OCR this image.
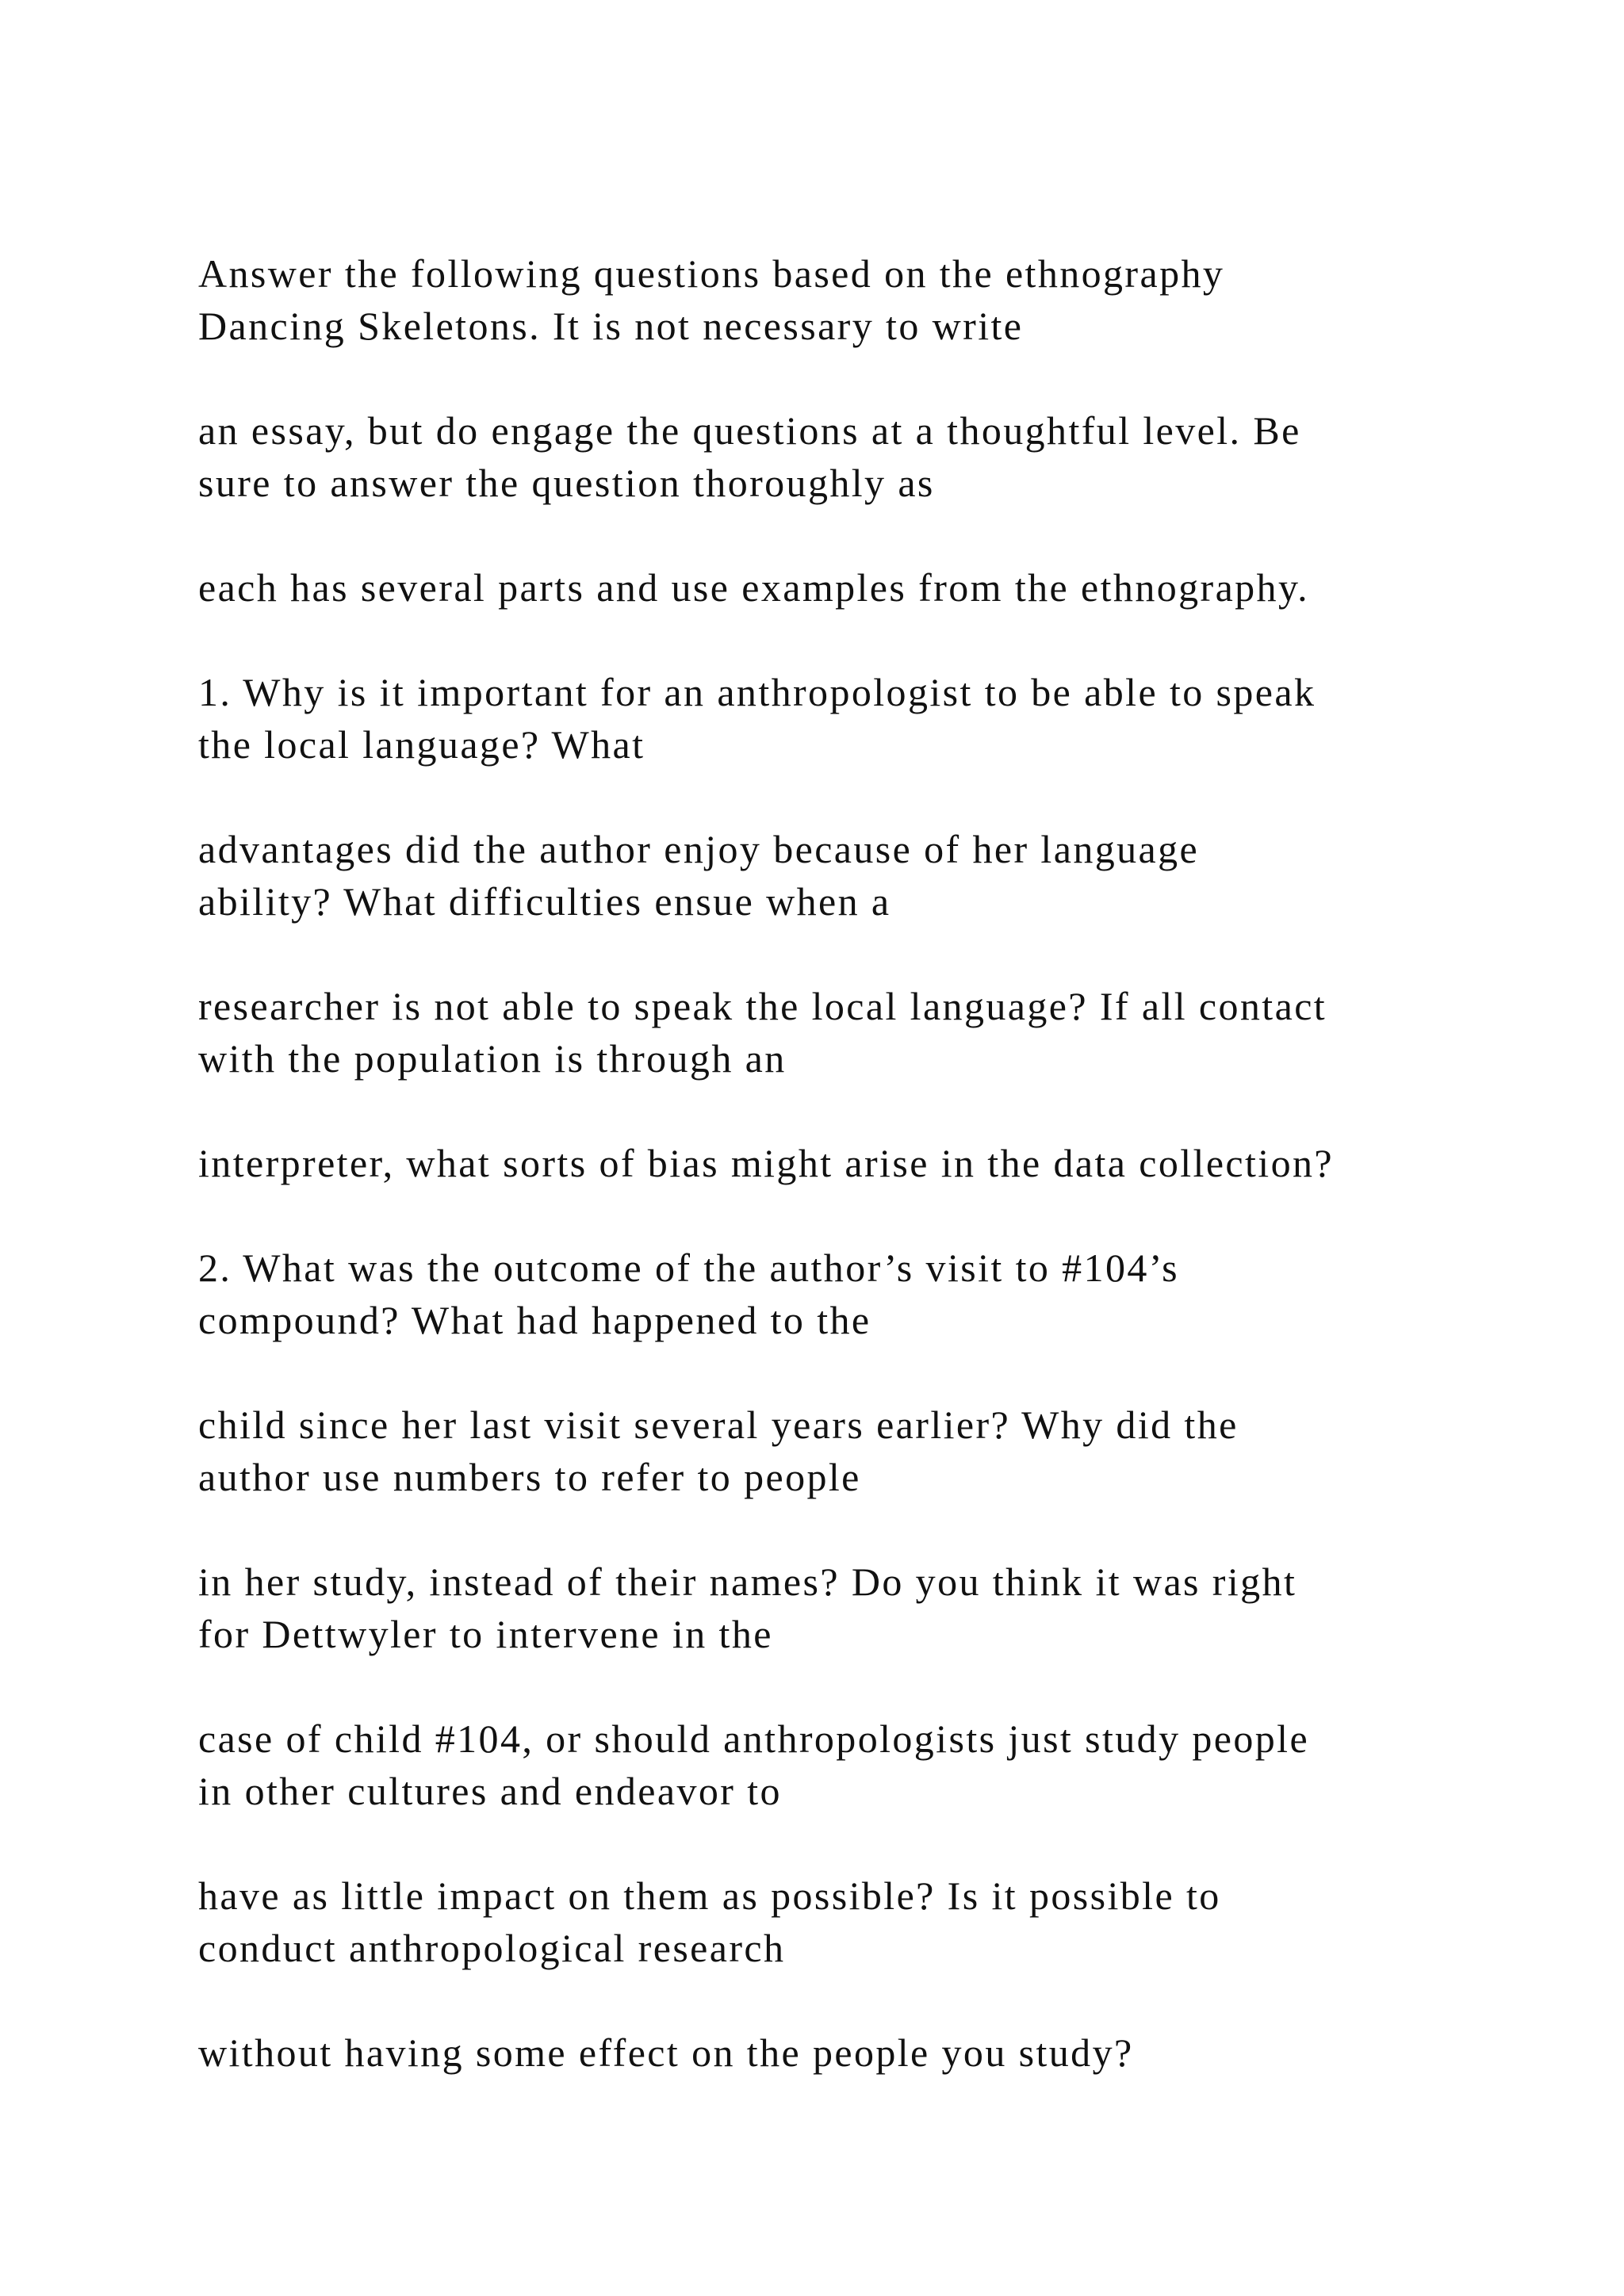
Answer the following questions based on the ethnography
Dancing Skeletons. It is not necessary to write

an essay, but do engage the questions at a thoughtful level. Be
sure to answer the question thoroughly as

each has several parts and use examples from the ethnography.

1. Why is it important for an anthropologist to be able to speak
the local language? What

advantages did the author enjoy because of her language
ability? What difficulties ensue when a

researcher is not able to speak the local language? If all contact
with the population is through an

interpreter, what sorts of bias might arise in the data collection?

2. What was the outcome of the author’s visit to #104’s
compound? What had happened to the

child since her last visit several years earlier? Why did the
author use numbers to refer to people

in her study, instead of their names? Do you think it was right
for Dettwyler to intervene in the

case of child #104, or should anthropologists just study people
in other cultures and endeavor to

have as little impact on them as possible? Is it possible to
conduct anthropological research

without having some effect on the people you study?
